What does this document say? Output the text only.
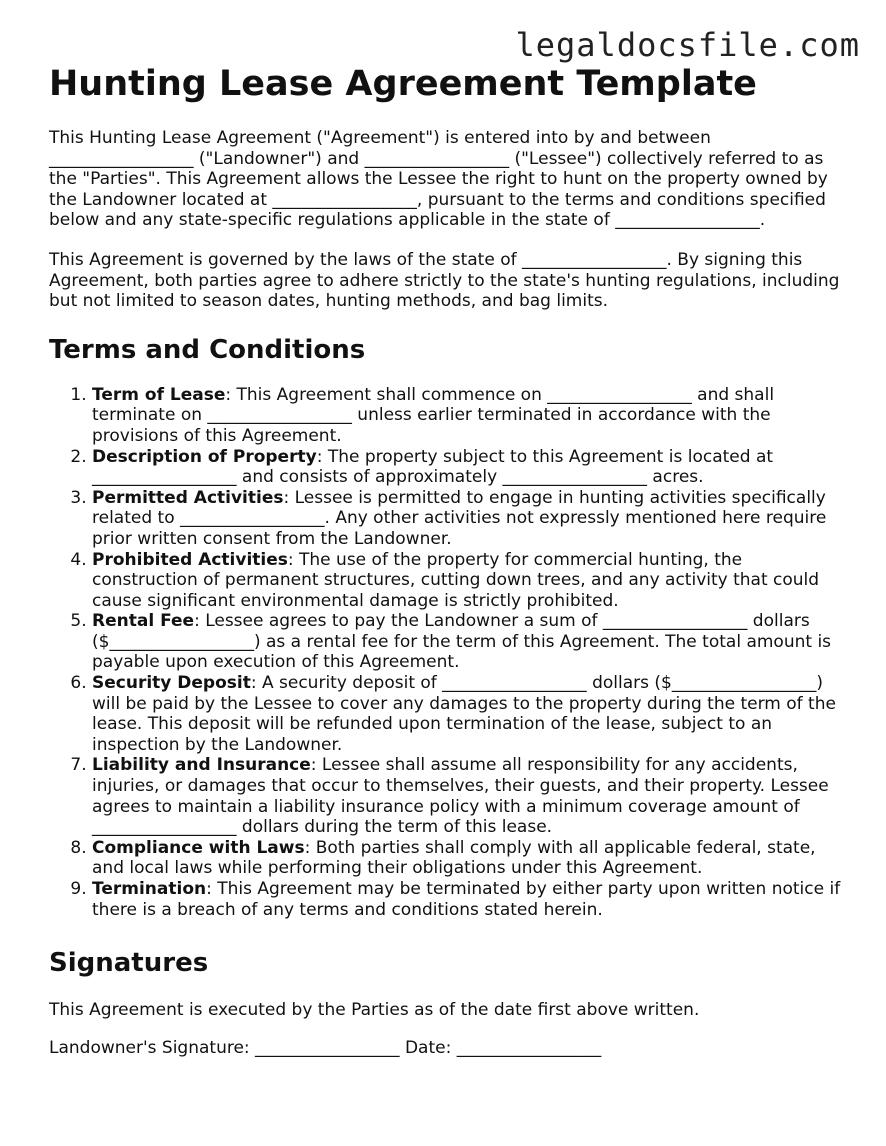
legaldocsfile.com
Hunting Lease Agreement Template

This Hunting Lease Agreement ("Agreement") is entered into by and between _________________ ("Landowner") and _________________ ("Lessee") collectively referred to as the "Parties". This Agreement allows the Lessee the right to hunt on the property owned by the Landowner located at _________________, pursuant to the terms and conditions specified below and any state-specific regulations applicable in the state of _________________.

This Agreement is governed by the laws of the state of _________________. By signing this Agreement, both parties agree to adhere strictly to the state's hunting regulations, including but not limited to season dates, hunting methods, and bag limits.

Terms and Conditions
1. Term of Lease: This Agreement shall commence on _________________ and shall terminate on _________________ unless earlier terminated in accordance with the provisions of this Agreement.
2. Description of Property: The property subject to this Agreement is located at _________________ and consists of approximately _________________ acres.
3. Permitted Activities: Lessee is permitted to engage in hunting activities specifically related to _________________. Any other activities not expressly mentioned here require prior written consent from the Landowner.
4. Prohibited Activities: The use of the property for commercial hunting, the construction of permanent structures, cutting down trees, and any activity that could cause significant environmental damage is strictly prohibited.
5. Rental Fee: Lessee agrees to pay the Landowner a sum of _________________ dollars ($_________________) as a rental fee for the term of this Agreement. The total amount is payable upon execution of this Agreement.
6. Security Deposit: A security deposit of _________________ dollars ($_________________) will be paid by the Lessee to cover any damages to the property during the term of the lease. This deposit will be refunded upon termination of the lease, subject to an inspection by the Landowner.
7. Liability and Insurance: Lessee shall assume all responsibility for any accidents, injuries, or damages that occur to themselves, their guests, and their property. Lessee agrees to maintain a liability insurance policy with a minimum coverage amount of _________________ dollars during the term of this lease.
8. Compliance with Laws: Both parties shall comply with all applicable federal, state, and local laws while performing their obligations under this Agreement.
9. Termination: This Agreement may be terminated by either party upon written notice if there is a breach of any terms and conditions stated herein.
Signatures

This Agreement is executed by the Parties as of the date first above written.

Landowner's Signature: _________________ Date: _________________
